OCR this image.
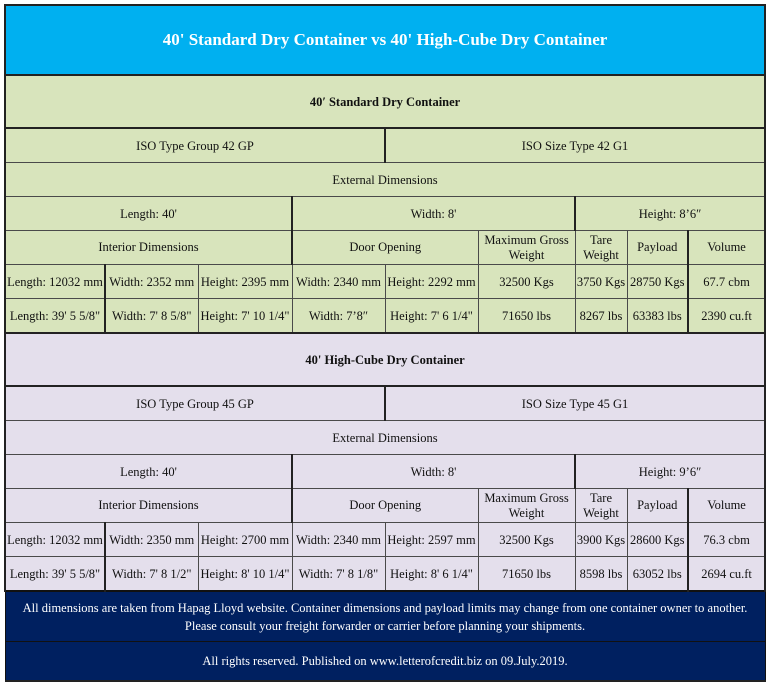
40' Standard Dry Container vs 40' High-Cube Dry Container								
40′ Standard Dry Container								
ISO Type Group 42 GP				ISO Size Type 42 G1				
External Dimensions								
Length: 40'			Width: 8'			Height: 8’6″		
Interior Dimensions			Door Opening		Maximum Gross Weight	Tare Weight	Payload	Volume
Length: 12032 mm	Width: 2352 mm	Height: 2395 mm	Width: 2340 mm	Height: 2292 mm	32500 Kgs	3750 Kgs	28750 Kgs	67.7 cbm
Length: 39' 5 5/8"	Width: 7' 8 5/8"	Height: 7' 10 1/4"	Width: 7’8″	Height: 7' 6 1/4"	71650 lbs	8267 lbs	63383 lbs	2390 cu.ft
40' High-Cube Dry Container								
ISO Type Group 45 GP				ISO Size Type 45 G1				
External Dimensions								
Length: 40'			Width: 8'			Height: 9’6″		
Interior Dimensions			Door Opening		Maximum Gross Weight	Tare Weight	Payload	Volume
Length: 12032 mm	Width: 2350 mm	Height: 2700 mm	Width: 2340 mm	Height: 2597 mm	32500 Kgs	3900 Kgs	28600 Kgs	76.3 cbm
Length: 39' 5 5/8"	Width: 7' 8 1/2"	Height: 8' 10 1/4"	Width: 7' 8 1/8"	Height: 8' 6 1/4"	71650 lbs	8598 lbs	63052 lbs	2694 cu.ft

All dimensions are taken from Hapag Lloyd website. Container dimensions and payload limits may change from one container owner to another.
Please consult your freight forwarder or carrier before planning your shipments.								

All rights reserved. Published on www.letterofcredit.biz on 09.July.2019.								
